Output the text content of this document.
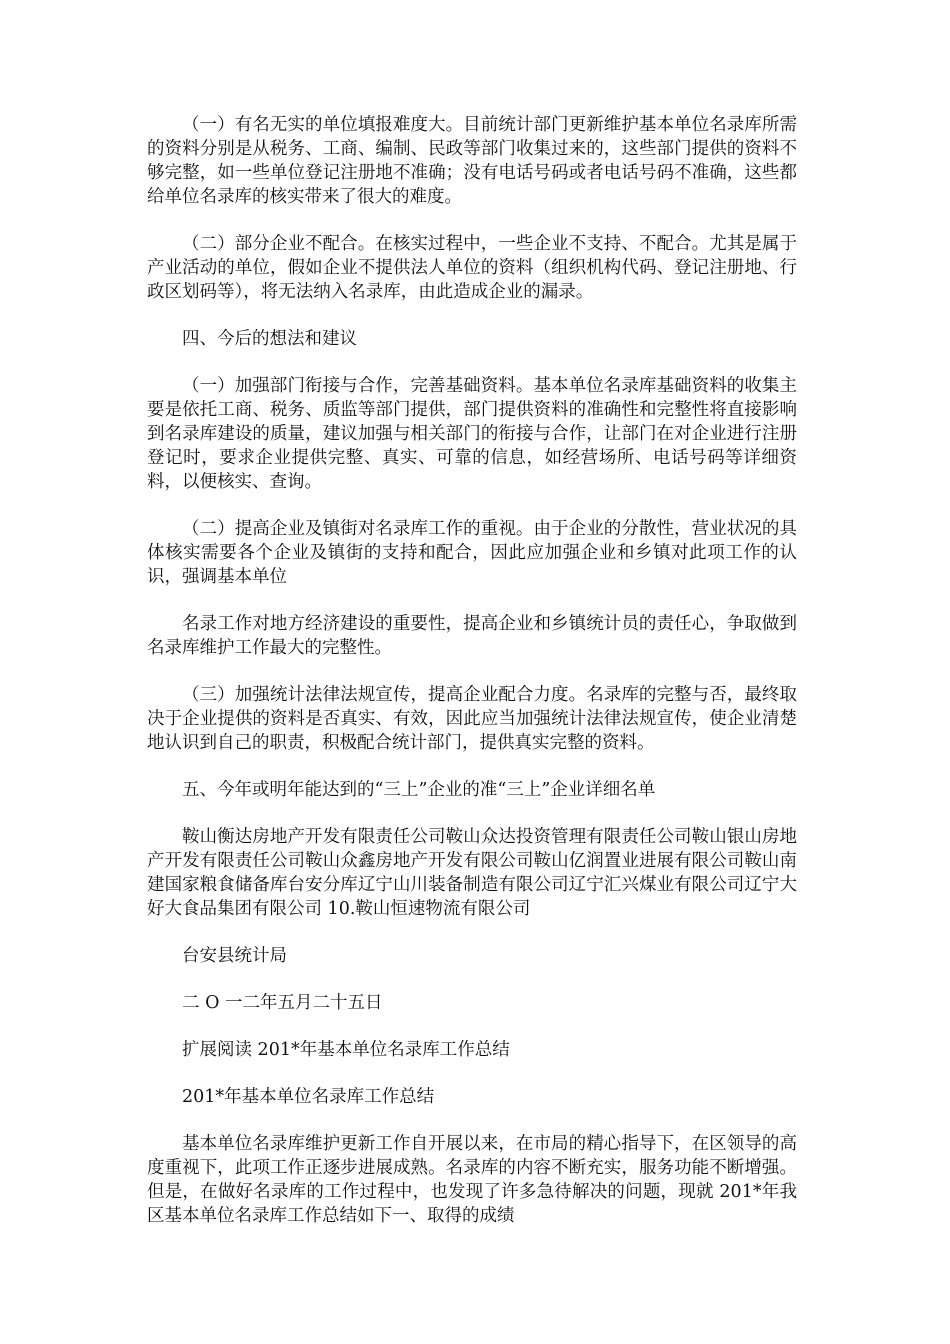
（一）有名无实的单位填报难度大。目前统计部门更新维护基本单位名录库所需的资料分别是从税务、工商、编制、民政等部门收集过来的，这些部门提供的资料不够完整，如一些单位登记注册地不准确；没有电话号码或者电话号码不准确，这些都给单位名录库的核实带来了很大的难度。

（二）部分企业不配合。在核实过程中，一些企业不支持、不配合。尤其是属于产业活动的单位，假如企业不提供法人单位的资料（组织机构代码、登记注册地、行政区划码等），将无法纳入名录库，由此造成企业的漏录。

四、今后的想法和建议

（一）加强部门衔接与合作，完善基础资料。基本单位名录库基础资料的收集主要是依托工商、税务、质监等部门提供，部门提供资料的准确性和完整性将直接影响到名录库建设的质量，建议加强与相关部门的衔接与合作，让部门在对企业进行注册登记时，要求企业提供完整、真实、可靠的信息，如经营场所、电话号码等详细资料，以便核实、查询。

（二）提高企业及镇街对名录库工作的重视。由于企业的分散性，营业状况的具体核实需要各个企业及镇街的支持和配合，因此应加强企业和乡镇对此项工作的认识，强调基本单位

名录工作对地方经济建设的重要性，提高企业和乡镇统计员的责任心，争取做到名录库维护工作最大的完整性。

（三）加强统计法律法规宣传，提高企业配合力度。名录库的完整与否，最终取决于企业提供的资料是否真实、有效，因此应当加强统计法律法规宣传，使企业清楚地认识到自己的职责，积极配合统计部门，提供真实完整的资料。

五、今年或明年能达到的“三上”企业的准“三上”企业详细名单

鞍山衡达房地产开发有限责任公司鞍山众达投资管理有限责任公司鞍山银山房地产开发有限责任公司鞍山众鑫房地产开发有限公司鞍山亿润置业进展有限公司鞍山南建国家粮食储备库台安分库辽宁山川装备制造有限公司辽宁汇兴煤业有限公司辽宁大好大食品集团有限公司 10.鞍山恒速物流有限公司

台安县统计局

二 O 一二年五月二十五日

扩展阅读 201*年基本单位名录库工作总结

201*年基本单位名录库工作总结

基本单位名录库维护更新工作自开展以来，在市局的精心指导下，在区领导的高度重视下，此项工作正逐步进展成熟。名录库的内容不断充实，服务功能不断增强。但是，在做好名录库的工作过程中，也发现了许多急待解决的问题，现就 201*年我区基本单位名录库工作总结如下一、取得的成绩
